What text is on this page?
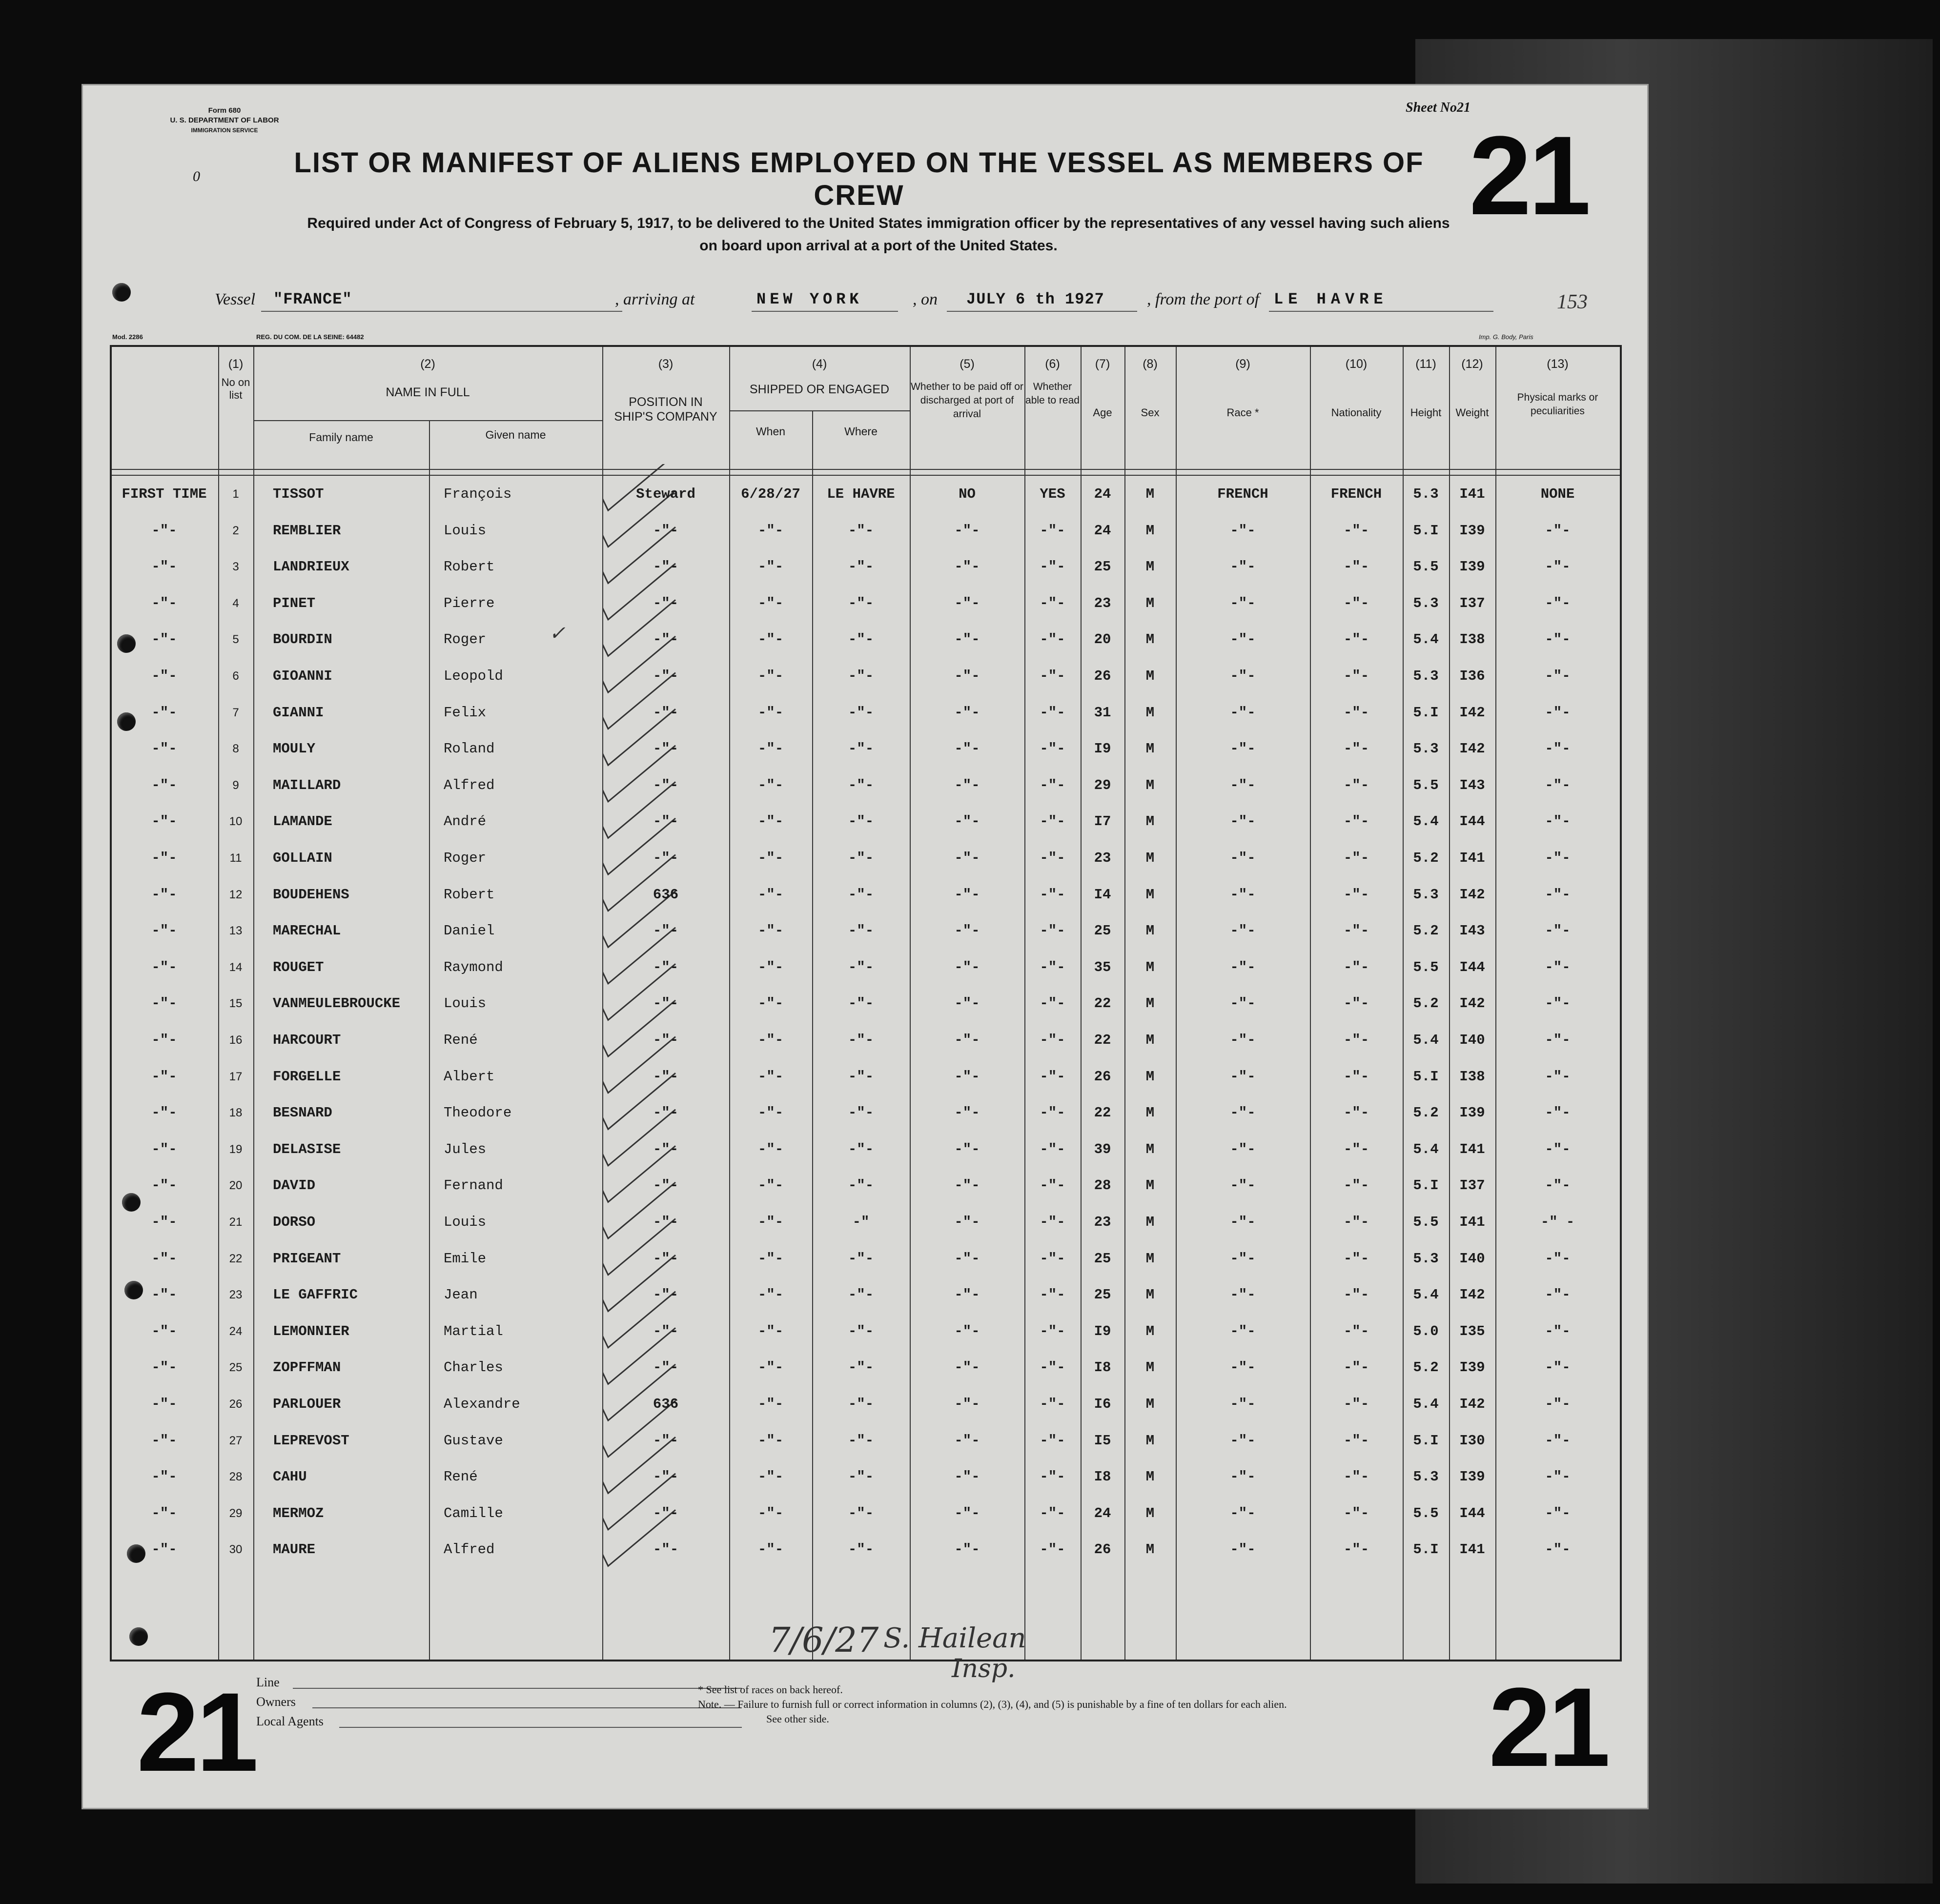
Form 680
U. S. DEPARTMENT OF LABOR
IMMIGRATION SERVICE
0
Sheet No21
21
LIST OR MANIFEST OF ALIENS EMPLOYED ON THE VESSEL AS MEMBERS OF CREW
Required under Act of Congress of February 5, 1917, to be delivered to the United States immigration officer by the representatives of any vessel having such aliens
on board upon arrival at a port of the United States.
Vessel "FRANCE"	, arriving at	NEW YORK	, on JULY 6 th 1927	, from the port of LE HAVRE	153
Mod. 2286	REG. DU COM. DE LA SEINE: 64482	Imp. G. Body, Paris
(1)
No on list
(2)
NAME IN FULL
Family name	Given name
(3)
POSITION IN SHIP'S COMPANY
(4)
SHIPPED OR ENGAGED
When	Where
(5)
Whether to be paid off or discharged at port of arrival
(6)
Whether able to read
(7)
Age
(8)
Sex
(9)
Race *
(10)
Nationality
(11)
Height
(12)
Weight
(13)
Physical marks or peculiarities
FIRST TIME	1	TISSOT	François	Steward	6/28/27	LE HAVRE	NO	YES	24	M	FRENCH	FRENCH	5.3	I41	NONE
-"-	2	REMBLIER	Louis	-"-	-"-	-"-	-"-	-"-	24	M	-"-	-"-	5.I	I39	-"-
-"-	3	LANDRIEUX	Robert	-"-	-"-	-"-	-"-	-"-	25	M	-"-	-"-	5.5	I39	-"-
-"-	4	PINET	Pierre	-"-	-"-	-"-	-"-	-"-	23	M	-"-	-"-	5.3	I37	-"-
-"-	5	BOURDIN	Roger	-"-	-"-	-"-	-"-	-"-	20	M	-"-	-"-	5.4	I38	-"-
-"-	6	GIOANNI	Leopold	-"-	-"-	-"-	-"-	-"-	26	M	-"-	-"-	5.3	I36	-"-
-"-	7	GIANNI	Felix	-"-	-"-	-"-	-"-	-"-	31	M	-"-	-"-	5.I	I42	-"-
-"-	8	MOULY	Roland	-"-	-"-	-"-	-"-	-"-	I9	M	-"-	-"-	5.3	I42	-"-
-"-	9	MAILLARD	Alfred	-"-	-"-	-"-	-"-	-"-	29	M	-"-	-"-	5.5	I43	-"-
-"-	10	LAMANDE	André	-"-	-"-	-"-	-"-	-"-	I7	M	-"-	-"-	5.4	I44	-"-
-"-	11	GOLLAIN	Roger	-"-	-"-	-"-	-"-	-"-	23	M	-"-	-"-	5.2	I41	-"-
-"-	12	BOUDEHENS	Robert	636	-"-	-"-	-"-	-"-	I4	M	-"-	-"-	5.3	I42	-"-
-"-	13	MARECHAL	Daniel	-"-	-"-	-"-	-"-	-"-	25	M	-"-	-"-	5.2	I43	-"-
-"-	14	ROUGET	Raymond	-"-	-"-	-"-	-"-	-"-	35	M	-"-	-"-	5.5	I44	-"-
-"-	15	VANMEULEBROUCKE	Louis	-"-	-"-	-"-	-"-	-"-	22	M	-"-	-"-	5.2	I42	-"-
-"-	16	HARCOURT	René	-"-	-"-	-"-	-"-	-"-	22	M	-"-	-"-	5.4	I40	-"-
-"-	17	FORGELLE	Albert	-"-	-"-	-"-	-"-	-"-	26	M	-"-	-"-	5.I	I38	-"-
-"-	18	BESNARD	Theodore	-"-	-"-	-"-	-"-	-"-	22	M	-"-	-"-	5.2	I39	-"-
-"-	19	DELASISE	Jules	-"-	-"-	-"-	-"-	-"-	39	M	-"-	-"-	5.4	I41	-"-
-"-	20	DAVID	Fernand	-"-	-"-	-"-	-"-	-"-	28	M	-"-	-"-	5.I	I37	-"-
-"-	21	DORSO	Louis	-"-	-"-	-"	-"-	-"-	23	M	-"-	-"-	5.5	I41	-" -
-"-	22	PRIGEANT	Emile	-"-	-"-	-"-	-"-	-"-	25	M	-"-	-"-	5.3	I40	-"-
-"-	23	LE GAFFRIC	Jean	-"-	-"-	-"-	-"-	-"-	25	M	-"-	-"-	5.4	I42	-"-
-"-	24	LEMONNIER	Martial	-"-	-"-	-"-	-"-	-"-	I9	M	-"-	-"-	5.0	I35	-"-
-"-	25	ZOPFFMAN	Charles	-"-	-"-	-"-	-"-	-"-	I8	M	-"-	-"-	5.2	I39	-"-
-"-	26	PARLOUER	Alexandre	636	-"-	-"-	-"-	-"-	I6	M	-"-	-"-	5.4	I42	-"-
-"-	27	LEPREVOST	Gustave	-"-	-"-	-"-	-"-	-"-	I5	M	-"-	-"-	5.I	I30	-"-
-"-	28	CAHU	René	-"-	-"-	-"-	-"-	-"-	I8	M	-"-	-"-	5.3	I39	-"-
-"-	29	MERMOZ	Camille	-"-	-"-	-"-	-"-	-"-	24	M	-"-	-"-	5.5	I44	-"-
-"-	30	MAURE	Alfred	-"-	-"-	-"-	-"-	-"-	26	M	-"-	-"-	5.I	I41	-"-
✓
Line
Owners
Local Agents
* See list of races on back hereof.
Note. — Failure to furnish full or correct information in columns (2), (3), (4), and (5) is punishable by a fine of ten dollars for each alien.
See other side.
7/6/27 S. Hailean
Insp.
21	21
